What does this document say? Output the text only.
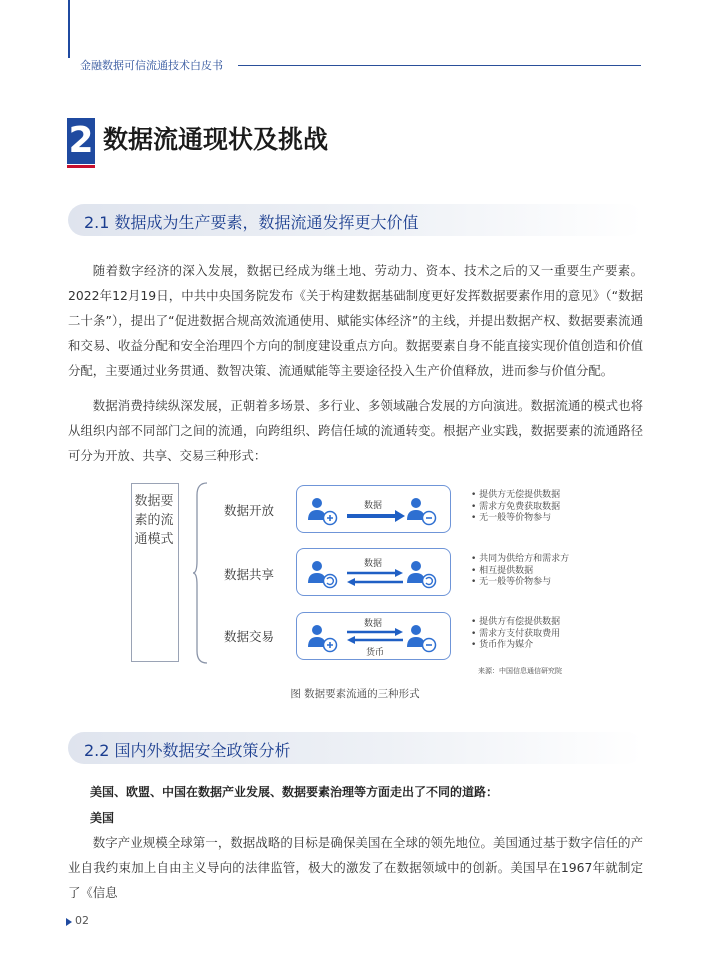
金融数据可信流通技术白皮书
2 数据流通现状及挑战
2.1 数据成为生产要素，数据流通发挥更大价值

随着数字经济的深入发展，数据已经成为继土地、劳动力、资本、技术之后的又一重要生产要素。2022年12月19日，中共中央国务院发布《关于构建数据基础制度更好发挥数据要素作用的意见》（“数据二十条”），提出了“促进数据合规高效流通使用、赋能实体经济”的主线，并提出数据产权、数据要素流通和交易、收益分配和安全治理四个方向的制度建设重点方向。数据要素自身不能直接实现价值创造和价值分配，主要通过业务贯通、数智决策、流通赋能等主要途径投入生产价值释放，进而参与价值分配。

数据消费持续纵深发展，正朝着多场景、多行业、多领域融合发展的方向演进。数据流通的模式也将从组织内部不同部门之间的流通，向跨组织、跨信任域的流通转变。根据产业实践，数据要素的流通路径可分为开放、共享、交易三种形式：

数据要素的流通模式
数据开放
数据共享
数据交易
数据
数据
数据
货币
• 提供方无偿提供数据
• 需求方免费获取数据
• 无一般等价物参与
• 共同为供给方和需求方
• 相互提供数据
• 无一般等价物参与
• 提供方有偿提供数据
• 需求方支付获取费用
• 货币作为媒介
来源：中国信息通信研究院
图 数据要素流通的三种形式
2.2 国内外数据安全政策分析
美国、欧盟、中国在数据产业发展、数据要素治理等方面走出了不同的道路：
美国

数字产业规模全球第一，数据战略的目标是确保美国在全球的领先地位。美国通过基于数字信任的产业自我约束加上自由主义导向的法律监管，极大的激发了在数据领域中的创新。美国早在1967年就制定了《信息

02
